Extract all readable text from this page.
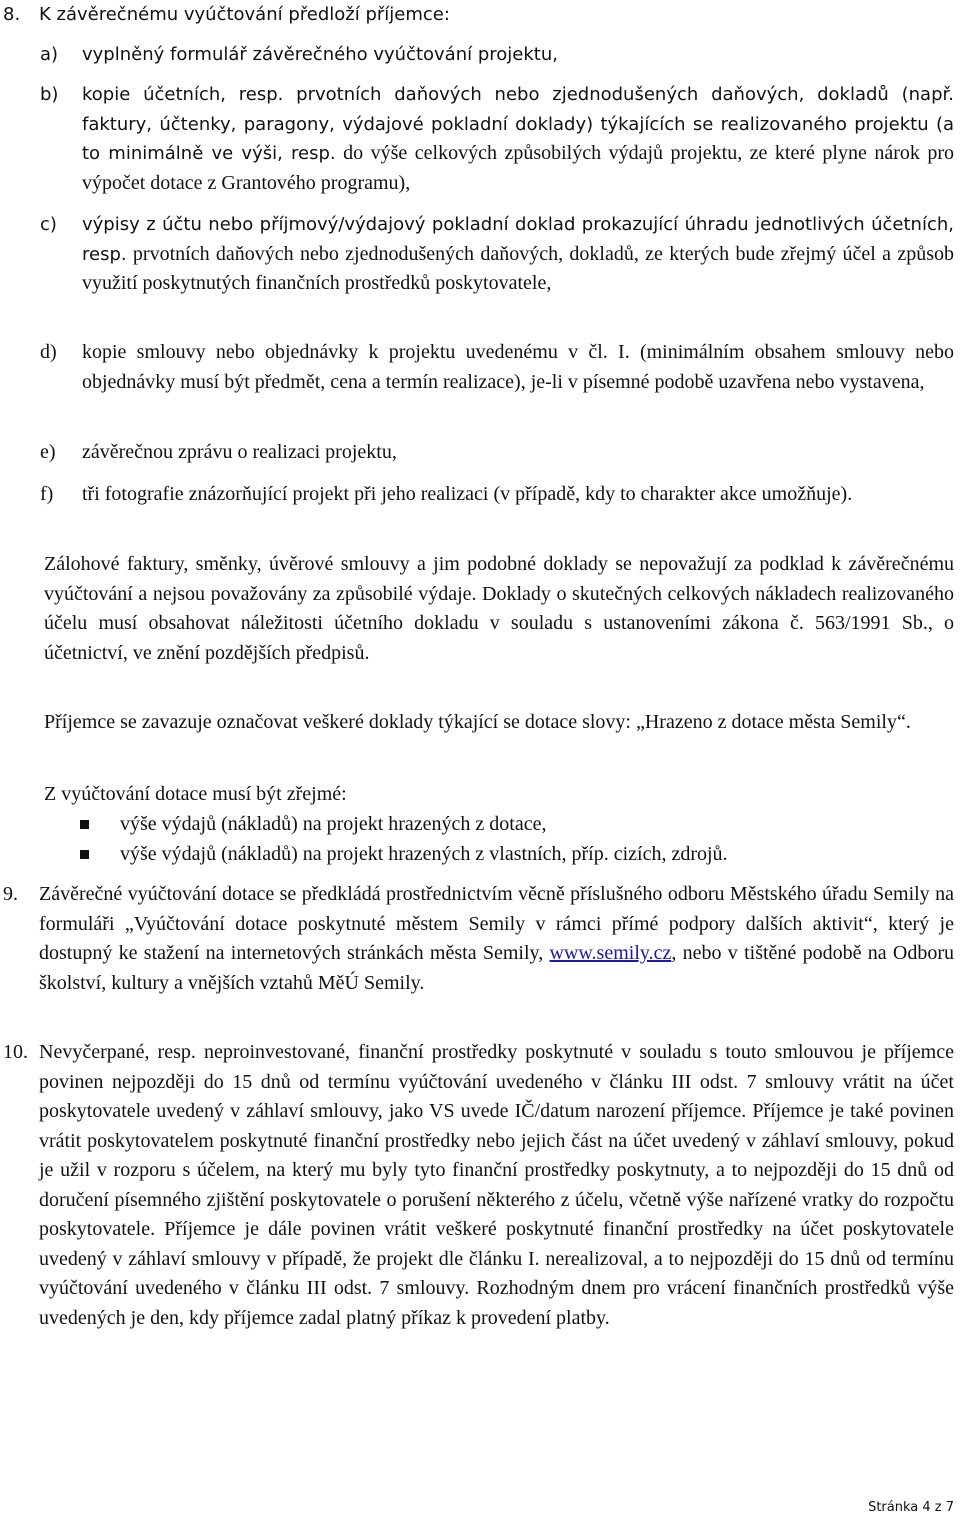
8. K závěrečnému vyúčtování předloží příjemce:

a) vyplněný formulář závěrečného vyúčtování projektu,

b) kopie účetních, resp. prvotních daňových nebo zjednodušených daňových, dokladů (např. faktury, účtenky, paragony, výdajové pokladní doklady) týkajících se realizovaného projektu (a to minimálně ve výši, resp. do výše celkových způsobilých výdajů projektu, ze které plyne nárok pro výpočet dotace z Grantového programu),

c) výpisy z účtu nebo příjmový/výdajový pokladní doklad prokazující úhradu jednotlivých účetních, resp. prvotních daňových nebo zjednodušených daňových, dokladů, ze kterých bude zřejmý účel a způsob využití poskytnutých finančních prostředků poskytovatele,

d) kopie smlouvy nebo objednávky k projektu uvedenému v čl. I. (minimálním obsahem smlouvy nebo objednávky musí být předmět, cena a termín realizace), je-li v písemné podobě uzavřena nebo vystavena,

e) závěrečnou zprávu o realizaci projektu,

f) tři fotografie znázorňující projekt při jeho realizaci (v případě, kdy to charakter akce umožňuje).

Zálohové faktury, směnky, úvěrové smlouvy a jim podobné doklady se nepovažují za podklad k závěrečnému vyúčtování a nejsou považovány za způsobilé výdaje. Doklady o skutečných celkových nákladech realizovaného účelu musí obsahovat náležitosti účetního dokladu v souladu s ustanoveními zákona č. 563/1991 Sb., o účetnictví, ve znění pozdějších předpisů.

Příjemce se zavazuje označovat veškeré doklady týkající se dotace slovy: „Hrazeno z dotace města Semily“.

Z vyúčtování dotace musí být zřejmé:

výše výdajů (nákladů) na projekt hrazených z dotace,
výše výdajů (nákladů) na projekt hrazených z vlastních, příp. cizích, zdrojů.
9. Závěrečné vyúčtování dotace se předkládá prostřednictvím věcně příslušného odboru Městského úřadu Semily na formuláři „Vyúčtování dotace poskytnuté městem Semily v rámci přímé podpory dalších aktivit“, který je dostupný ke stažení na internetových stránkách města Semily, www.semily.cz, nebo v tištěné podobě na Odboru školství, kultury a vnějších vztahů MěÚ Semily.

10. Nevyčerpané, resp. neproinvestované, finanční prostředky poskytnuté v souladu s touto smlouvou je příjemce povinen nejpozději do 15 dnů od termínu vyúčtování uvedeného v článku III odst. 7 smlouvy vrátit na účet poskytovatele uvedený v záhlaví smlouvy, jako VS uvede IČ/datum narození příjemce. Příjemce je také povinen vrátit poskytovatelem poskytnuté finanční prostředky nebo jejich část na účet uvedený v záhlaví smlouvy, pokud je užil v rozporu s účelem, na který mu byly tyto finanční prostředky poskytnuty, a to nejpozději do 15 dnů od doručení písemného zjištění poskytovatele o porušení některého z účelu, včetně výše nařízené vratky do rozpočtu poskytovatele. Příjemce je dále povinen vrátit veškeré poskytnuté finanční prostředky na účet poskytovatele uvedený v záhlaví smlouvy v případě, že projekt dle článku I. nerealizoval, a to nejpozději do 15 dnů od termínu vyúčtování uvedeného v článku III odst. 7 smlouvy. Rozhodným dnem pro vrácení finančních prostředků výše uvedených je den, kdy příjemce zadal platný příkaz k provedení platby.

Stránka 4 z 7
